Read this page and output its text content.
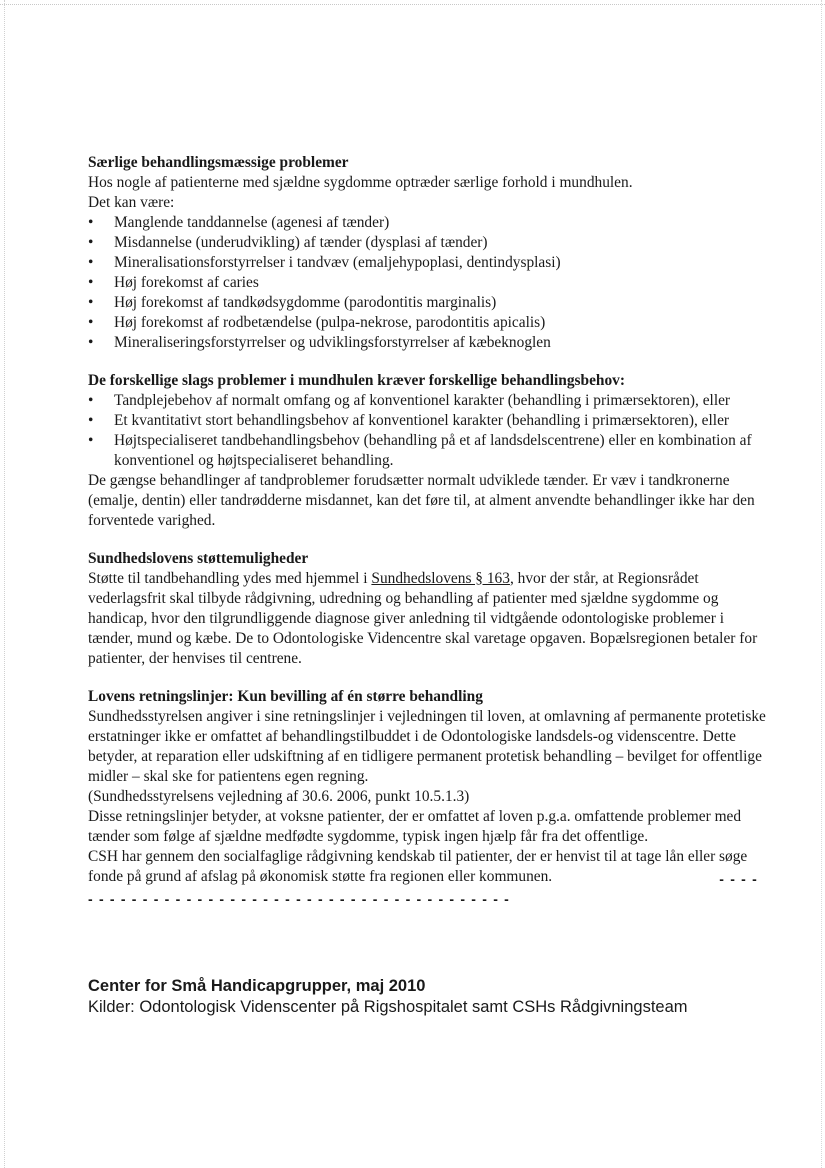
Særlige behandlingsmæssige problemer

Hos nogle af patienterne med sjældne sygdomme optræder særlige forhold i mundhulen.

Det kan være:

• Manglende tanddannelse (agenesi af tænder)
• Misdannelse (underudvikling) af tænder (dysplasi af tænder)
• Mineralisationsforstyrrelser i tandvæv (emaljehypoplasi, dentindysplasi)
• Høj forekomst af caries
• Høj forekomst af tandkødsygdomme (parodontitis marginalis)
• Høj forekomst af rodbetændelse (pulpa-nekrose, parodontitis apicalis)
• Mineraliseringsforstyrrelser og udviklingsforstyrrelser af kæbeknoglen
De forskellige slags problemer i mundhulen kræver forskellige behandlingsbehov:
• Tandplejebehov af normalt omfang og af konventionel karakter (behandling i primærsektoren), eller
• Et kvantitativt stort behandlingsbehov af konventionel karakter (behandling i primærsektoren), eller
• Højtspecialiseret tandbehandlingsbehov (behandling på et af landsdelscentrene) eller en kombination af konventionel og højtspecialiseret behandling.

De gængse behandlinger af tandproblemer forudsætter normalt udviklede tænder. Er væv i tandkronerne (emalje, dentin) eller tandrødderne misdannet, kan det føre til, at alment anvendte behandlinger ikke har den forventede varighed.

Sundhedslovens støttemuligheder

Støtte til tandbehandling ydes med hjemmel i Sundhedslovens § 163, hvor der står, at Regionsrådet vederlagsfrit skal tilbyde rådgivning, udredning og behandling af patienter med sjældne sygdomme og handicap, hvor den tilgrundliggende diagnose giver anledning til vidtgående odontologiske problemer i tænder, mund og kæbe. De to Odontologiske Videncentre skal varetage opgaven. Bopælsregionen betaler for patienter, der henvises til centrene.

Lovens retningslinjer: Kun bevilling af én større behandling

Sundhedsstyrelsen angiver i sine retningslinjer i vejledningen til loven, at omlavning af permanente protetiske erstatninger ikke er omfattet af behandlingstilbuddet i de Odontologiske landsdels-og videnscentre. Dette betyder, at reparation eller udskiftning af en tidligere permanent protetisk behandling – bevilget for offentlige midler – skal ske for patientens egen regning.

(Sundhedsstyrelsens vejledning af 30.6. 2006, punkt 10.5.1.3)

Disse retningslinjer betyder, at voksne patienter, der er omfattet af loven p.g.a. omfattende problemer med tænder som følge af sjældne medfødte sygdomme, typisk ingen hjælp får fra det offentlige.

CSH har gennem den socialfaglige rådgivning kendskab til patienter, der er henvist til at tage lån eller søge fonde på grund af afslag på økonomisk støtte fra regionen eller kommunen.	- - - -
- - - - - - - - - - - - - - - - - - - - - - - - - - - - - - - - - - - - - - -
Center for Små Handicapgrupper, maj 2010
Kilder: Odontologisk Videnscenter på Rigshospitalet samt CSHs Rådgivningsteam
